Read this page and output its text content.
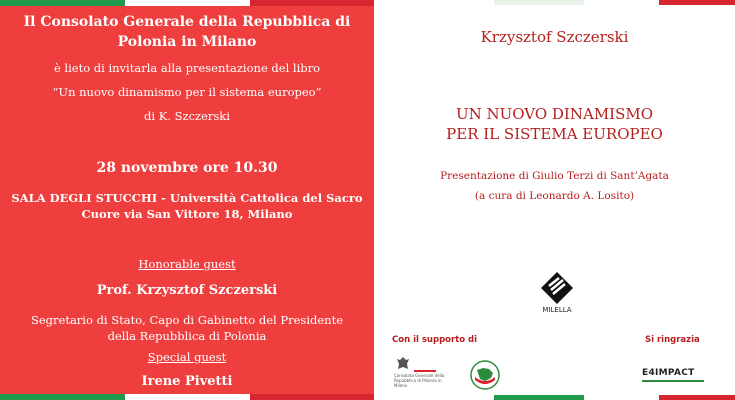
Il Consolato Generale della Repubblica di
Polonia in Milano
è lieto di invitarla alla presentazione del libro
“Un nuovo dinamismo per il sistema europeo”
di K. Szczerski
28 novembre ore 10.30
SALA DEGLI STUCCHI - Università Cattolica del Sacro
Cuore via San Vittore 18, Milano
Honorable guest
Prof. Krzysztof Szczerski
Segretario di Stato, Capo di Gabinetto del Presidente
della Repubblica di Polonia
Special guest
Irene Pivetti
Krzysztof Szczerski
UN NUOVO DINAMISMO
PER IL SISTEMA EUROPEO
Presentazione di Giulio Terzi di Sant’Agata
(a cura di Leonardo A. Losito)
MILELLA
Con il supporto di	Si ringrazia
Consolato Generale della Repubblica di Polonia in Milano
E4IMPACT
